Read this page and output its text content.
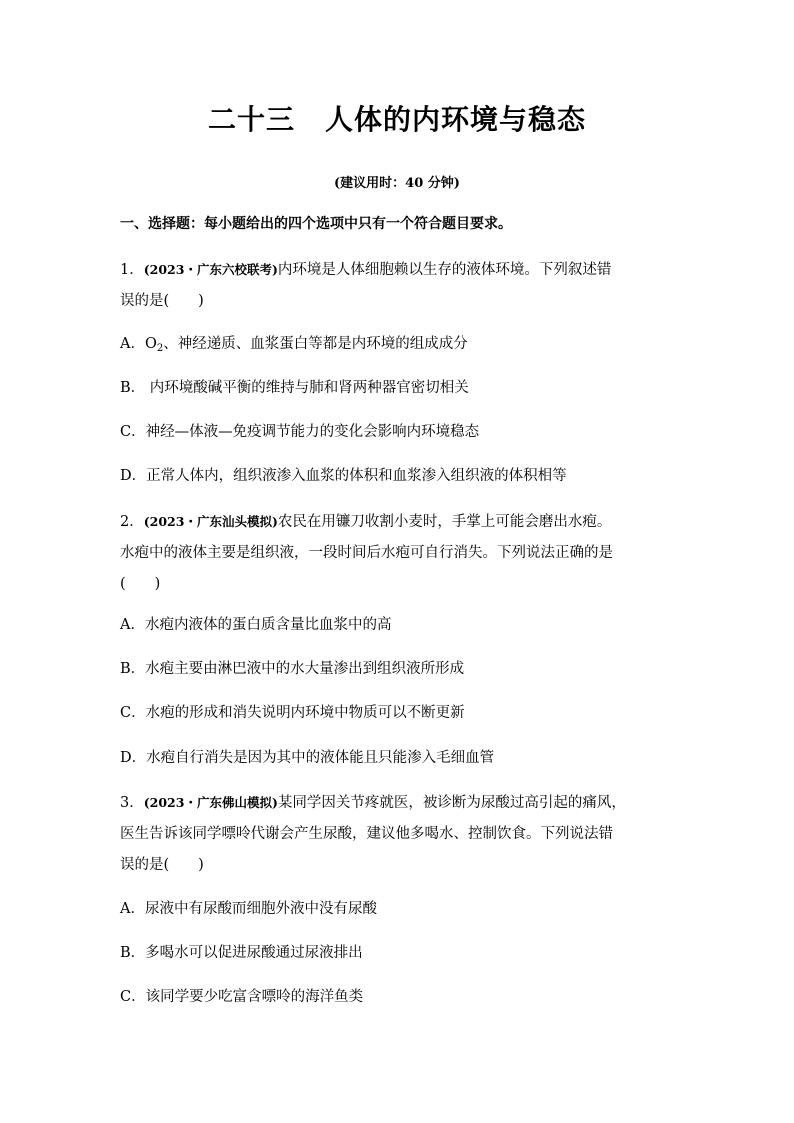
二十三 人体的内环境与稳态
(建议用时：40 分钟)
一、选择题：每小题给出的四个选项中只有一个符合题目要求。
1．(2023・广东六校联考)内环境是人体细胞赖以生存的液体环境。下列叙述错
误的是(　　)
A．$O_2$、神经递质、血浆蛋白等都是内环境的组成成分
B． 内环境酸碱平衡的维持与肺和肾两种器官密切相关
C．神经—体液—免疫调节能力的变化会影响内环境稳态
D．正常人体内，组织液渗入血浆的体积和血浆渗入组织液的体积相等
2．(2023・广东汕头模拟)农民在用镰刀收割小麦时，手掌上可能会磨出水疱。
水疱中的液体主要是组织液，一段时间后水疱可自行消失。下列说法正确的是
(　　)
A．水疱内液体的蛋白质含量比血浆中的高
B．水疱主要由淋巴液中的水大量渗出到组织液所形成
C．水疱的形成和消失说明内环境中物质可以不断更新
D．水疱自行消失是因为其中的液体能且只能渗入毛细血管
3．(2023・广东佛山模拟)某同学因关节疼就医，被诊断为尿酸过高引起的痛风，
医生告诉该同学嘌呤代谢会产生尿酸，建议他多喝水、控制饮食。下列说法错
误的是(　　)
A．尿液中有尿酸而细胞外液中没有尿酸
B．多喝水可以促进尿酸通过尿液排出
C．该同学要少吃富含嘌呤的海洋鱼类
